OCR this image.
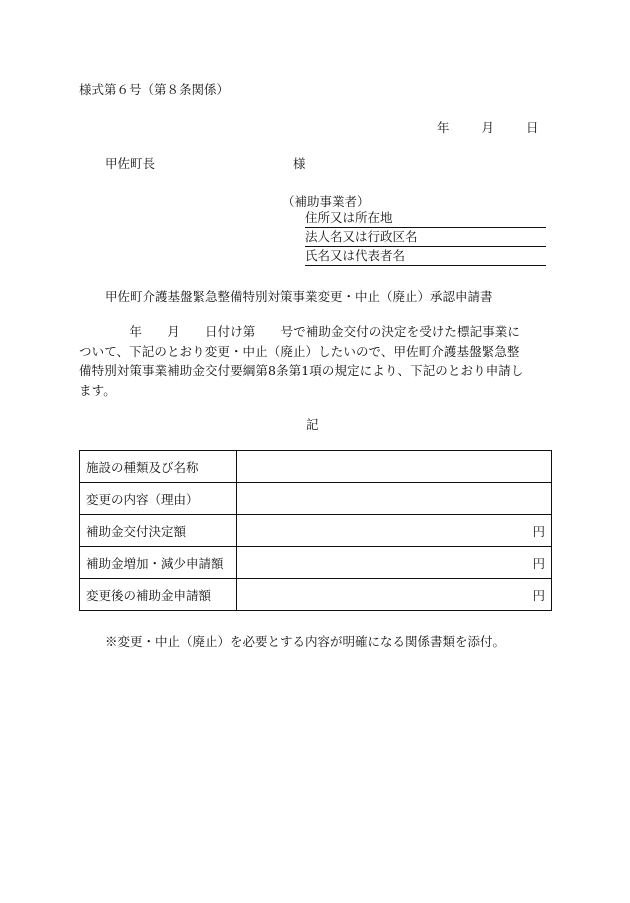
様式第６号（第８条関係）
年	月	日
甲佐町長	様
（補助事業者）
住所又は所在地
法人名又は行政区名
氏名又は代表者名
甲佐町介護基盤緊急整備特別対策事業変更・中止（廃止）承認申請書
　　　　年　　月　　日付け第　　号で補助金交付の決定を受けた標記事業に
ついて、下記のとおり変更・中止（廃止）したいので、甲佐町介護基盤緊急整
備特別対策事業補助金交付要綱第8条第1項の規定により、下記のとおり申請し
ます。
記
施設の種類及び名称	
変更の内容（理由）	
補助金交付決定額	円
補助金増加・減少申請額	円
変更後の補助金申請額	円
※変更・中止（廃止）を必要とする内容が明確になる関係書類を添付。
